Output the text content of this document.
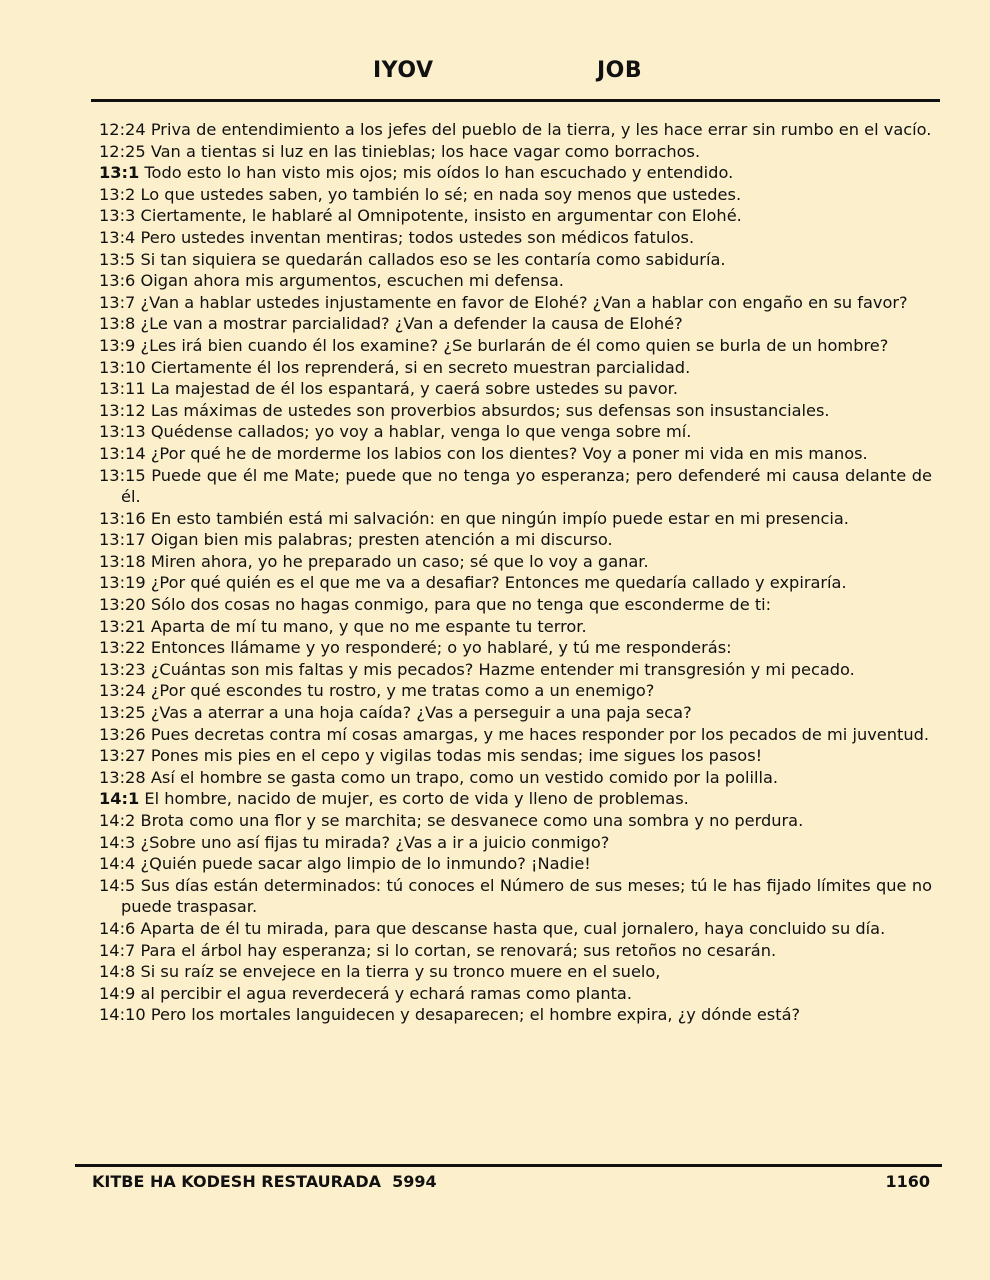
IYOV	JOB

12:24 Priva de entendimiento a los jefes del pueblo de la tierra, y les hace errar sin rumbo en el vacío.

12:25 Van a tientas si luz en las tinieblas; los hace vagar como borrachos.

13:1 Todo esto lo han visto mis ojos; mis oídos lo han escuchado y entendido.

13:2 Lo que ustedes saben, yo también lo sé; en nada soy menos que ustedes.

13:3 Ciertamente, le hablaré al Omnipotente, insisto en argumentar con Elohé.

13:4 Pero ustedes inventan mentiras; todos ustedes son médicos fatulos.

13:5 Si tan siquiera se quedarán callados eso se les contaría como sabiduría.

13:6 Oigan ahora mis argumentos, escuchen mi defensa.

13:7 ¿Van a hablar ustedes injustamente en favor de Elohé? ¿Van a hablar con engaño en su favor?

13:8 ¿Le van a mostrar parcialidad? ¿Van a defender la causa de Elohé?

13:9 ¿Les irá bien cuando él los examine? ¿Se burlarán de él como quien se burla de un hombre?

13:10 Ciertamente él los reprenderá, si en secreto muestran parcialidad.

13:11 La majestad de él los espantará, y caerá sobre ustedes su pavor.

13:12 Las máximas de ustedes son proverbios absurdos; sus defensas son insustanciales.

13:13 Quédense callados; yo voy a hablar, venga lo que venga sobre mí.

13:14 ¿Por qué he de morderme los labios con los dientes? Voy a poner mi vida en mis manos.

13:15 Puede que él me Mate; puede que no tenga yo esperanza; pero defenderé mi causa delante de él.

13:16 En esto también está mi salvación: en que ningún impío puede estar en mi presencia.

13:17 Oigan bien mis palabras; presten atención a mi discurso.

13:18 Miren ahora, yo he preparado un caso; sé que lo voy a ganar.

13:19 ¿Por qué quién es el que me va a desafiar? Entonces me quedaría callado y expiraría.

13:20 Sólo dos cosas no hagas conmigo, para que no tenga que esconderme de ti:

13:21 Aparta de mí tu mano, y que no me espante tu terror.

13:22 Entonces llámame y yo responderé; o yo hablaré, y tú me responderás:

13:23 ¿Cuántas son mis faltas y mis pecados? Hazme entender mi transgresión y mi pecado.

13:24 ¿Por qué escondes tu rostro, y me tratas como a un enemigo?

13:25 ¿Vas a aterrar a una hoja caída? ¿Vas a perseguir a una paja seca?

13:26 Pues decretas contra mí cosas amargas, y me haces responder por los pecados de mi juventud.

13:27 Pones mis pies en el cepo y vigilas todas mis sendas; ime sigues los pasos!

13:28 Así el hombre se gasta como un trapo, como un vestido comido por la polilla.

14:1 El hombre, nacido de mujer, es corto de vida y lleno de problemas.

14:2 Brota como una flor y se marchita; se desvanece como una sombra y no perdura.

14:3 ¿Sobre uno así fijas tu mirada? ¿Vas a ir a juicio conmigo?

14:4 ¿Quién puede sacar algo limpio de lo inmundo? ¡Nadie!

14:5 Sus días están determinados: tú conoces el Número de sus meses; tú le has fijado límites que no puede traspasar.

14:6 Aparta de él tu mirada, para que descanse hasta que, cual jornalero, haya concluido su día.

14:7 Para el árbol hay esperanza; si lo cortan, se renovará; sus retoños no cesarán.

14:8 Si su raíz se envejece en la tierra y su tronco muere en el suelo,

14:9 al percibir el agua reverdecerá y echará ramas como planta.

14:10 Pero los mortales languidecen y desaparecen; el hombre expira, ¿y dónde está?

KITBE HA KODESH RESTAURADA  5994	1160
